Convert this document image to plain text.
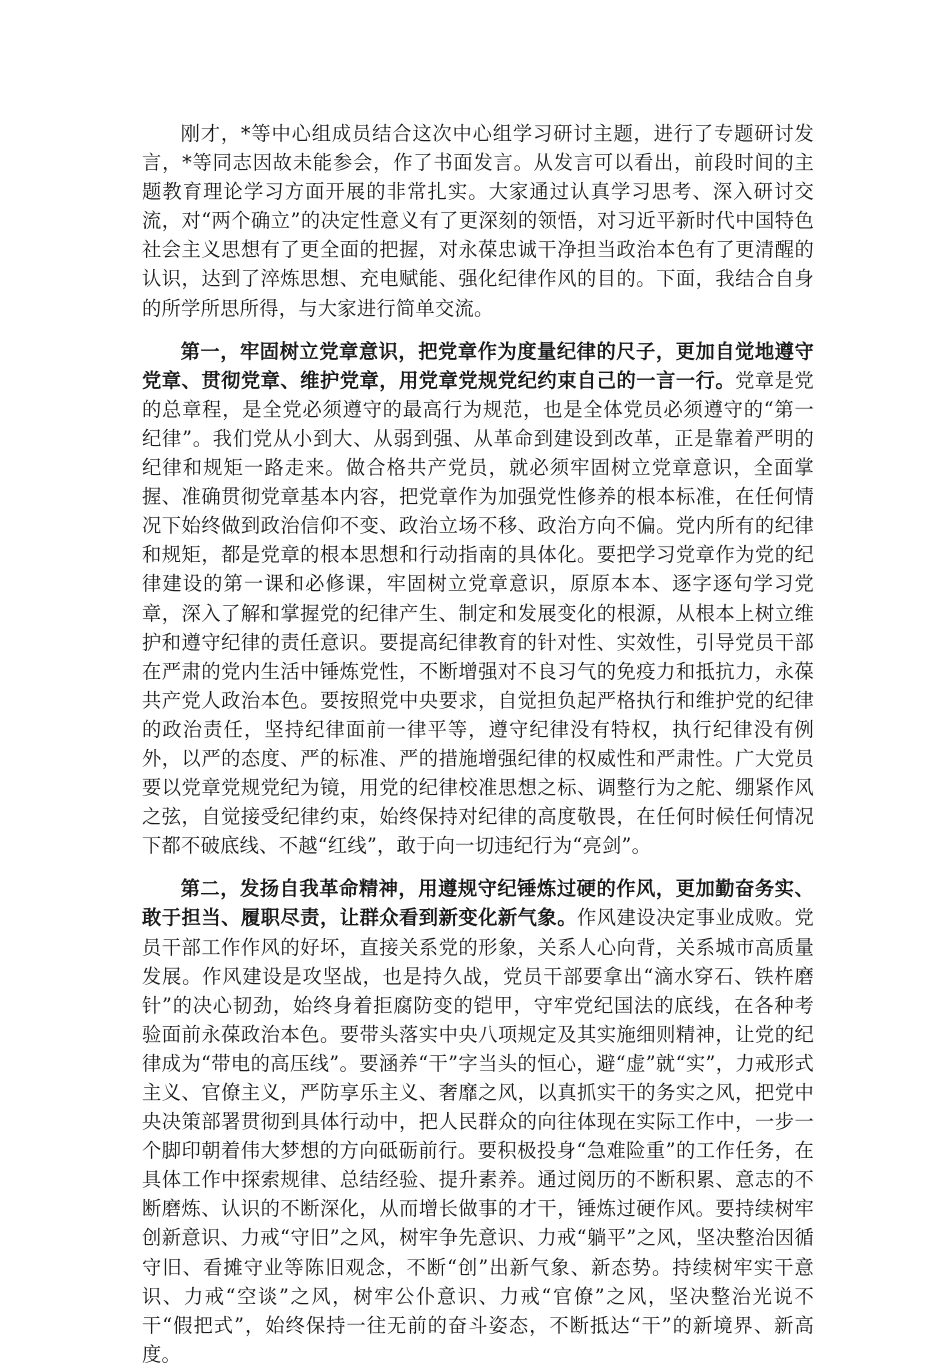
刚才，*等中心组成员结合这次中心组学习研讨主题，进行了专题研讨发言，*等同志因故未能参会，作了书面发言。从发言可以看出，前段时间的主题教育理论学习方面开展的非常扎实。大家通过认真学习思考、深入研讨交流，对“两个确立”的决定性意义有了更深刻的领悟，对习近平新时代中国特色社会主义思想有了更全面的把握，对永葆忠诚干净担当政治本色有了更清醒的认识，达到了淬炼思想、充电赋能、强化纪律作风的目的。下面，我结合自身的所学所思所得，与大家进行简单交流。

第一，牢固树立党章意识，把党章作为度量纪律的尺子，更加自觉地遵守党章、贯彻党章、维护党章，用党章党规党纪约束自己的一言一行。党章是党的总章程，是全党必须遵守的最高行为规范，也是全体党员必须遵守的“第一纪律”。我们党从小到大、从弱到强、从革命到建设到改革，正是靠着严明的纪律和规矩一路走来。做合格共产党员，就必须牢固树立党章意识，全面掌握、准确贯彻党章基本内容，把党章作为加强党性修养的根本标准，在任何情况下始终做到政治信仰不变、政治立场不移、政治方向不偏。党内所有的纪律和规矩，都是党章的根本思想和行动指南的具体化。要把学习党章作为党的纪律建设的第一课和必修课，牢固树立党章意识，原原本本、逐字逐句学习党章，深入了解和掌握党的纪律产生、制定和发展变化的根源，从根本上树立维护和遵守纪律的责任意识。要提高纪律教育的针对性、实效性，引导党员干部在严肃的党内生活中锤炼党性，不断增强对不良习气的免疫力和抵抗力，永葆共产党人政治本色。要按照党中央要求，自觉担负起严格执行和维护党的纪律的政治责任，坚持纪律面前一律平等，遵守纪律没有特权，执行纪律没有例外，以严的态度、严的标准、严的措施增强纪律的权威性和严肃性。广大党员要以党章党规党纪为镜，用党的纪律校准思想之标、调整行为之舵、绷紧作风之弦，自觉接受纪律约束，始终保持对纪律的高度敬畏，在任何时候任何情况下都不破底线、不越“红线”，敢于向一切违纪行为“亮剑”。

第二，发扬自我革命精神，用遵规守纪锤炼过硬的作风，更加勤奋务实、敢于担当、履职尽责，让群众看到新变化新气象。作风建设决定事业成败。党员干部工作作风的好坏，直接关系党的形象，关系人心向背，关系城市高质量发展。作风建设是攻坚战，也是持久战，党员干部要拿出“滴水穿石、铁杵磨针”的决心韧劲，始终身着拒腐防变的铠甲，守牢党纪国法的底线，在各种考验面前永葆政治本色。要带头落实中央八项规定及其实施细则精神，让党的纪律成为“带电的高压线”。要涵养“干”字当头的恒心，避“虚”就“实”，力戒形式主义、官僚主义，严防享乐主义、奢靡之风，以真抓实干的务实之风，把党中央决策部署贯彻到具体行动中，把人民群众的向往体现在实际工作中，一步一个脚印朝着伟大梦想的方向砥砺前行。要积极投身“急难险重”的工作任务，在具体工作中探索规律、总结经验、提升素养。通过阅历的不断积累、意志的不断磨炼、认识的不断深化，从而增长做事的才干，锤炼过硬作风。要持续树牢创新意识、力戒“守旧”之风，树牢争先意识、力戒“躺平”之风，坚决整治因循守旧、看摊守业等陈旧观念，不断“创”出新气象、新态势。持续树牢实干意识、力戒“空谈”之风，树牢公仆意识、力戒“官僚”之风，坚决整治光说不干“假把式”，始终保持一往无前的奋斗姿态，不断抵达“干”的新境界、新高度。
